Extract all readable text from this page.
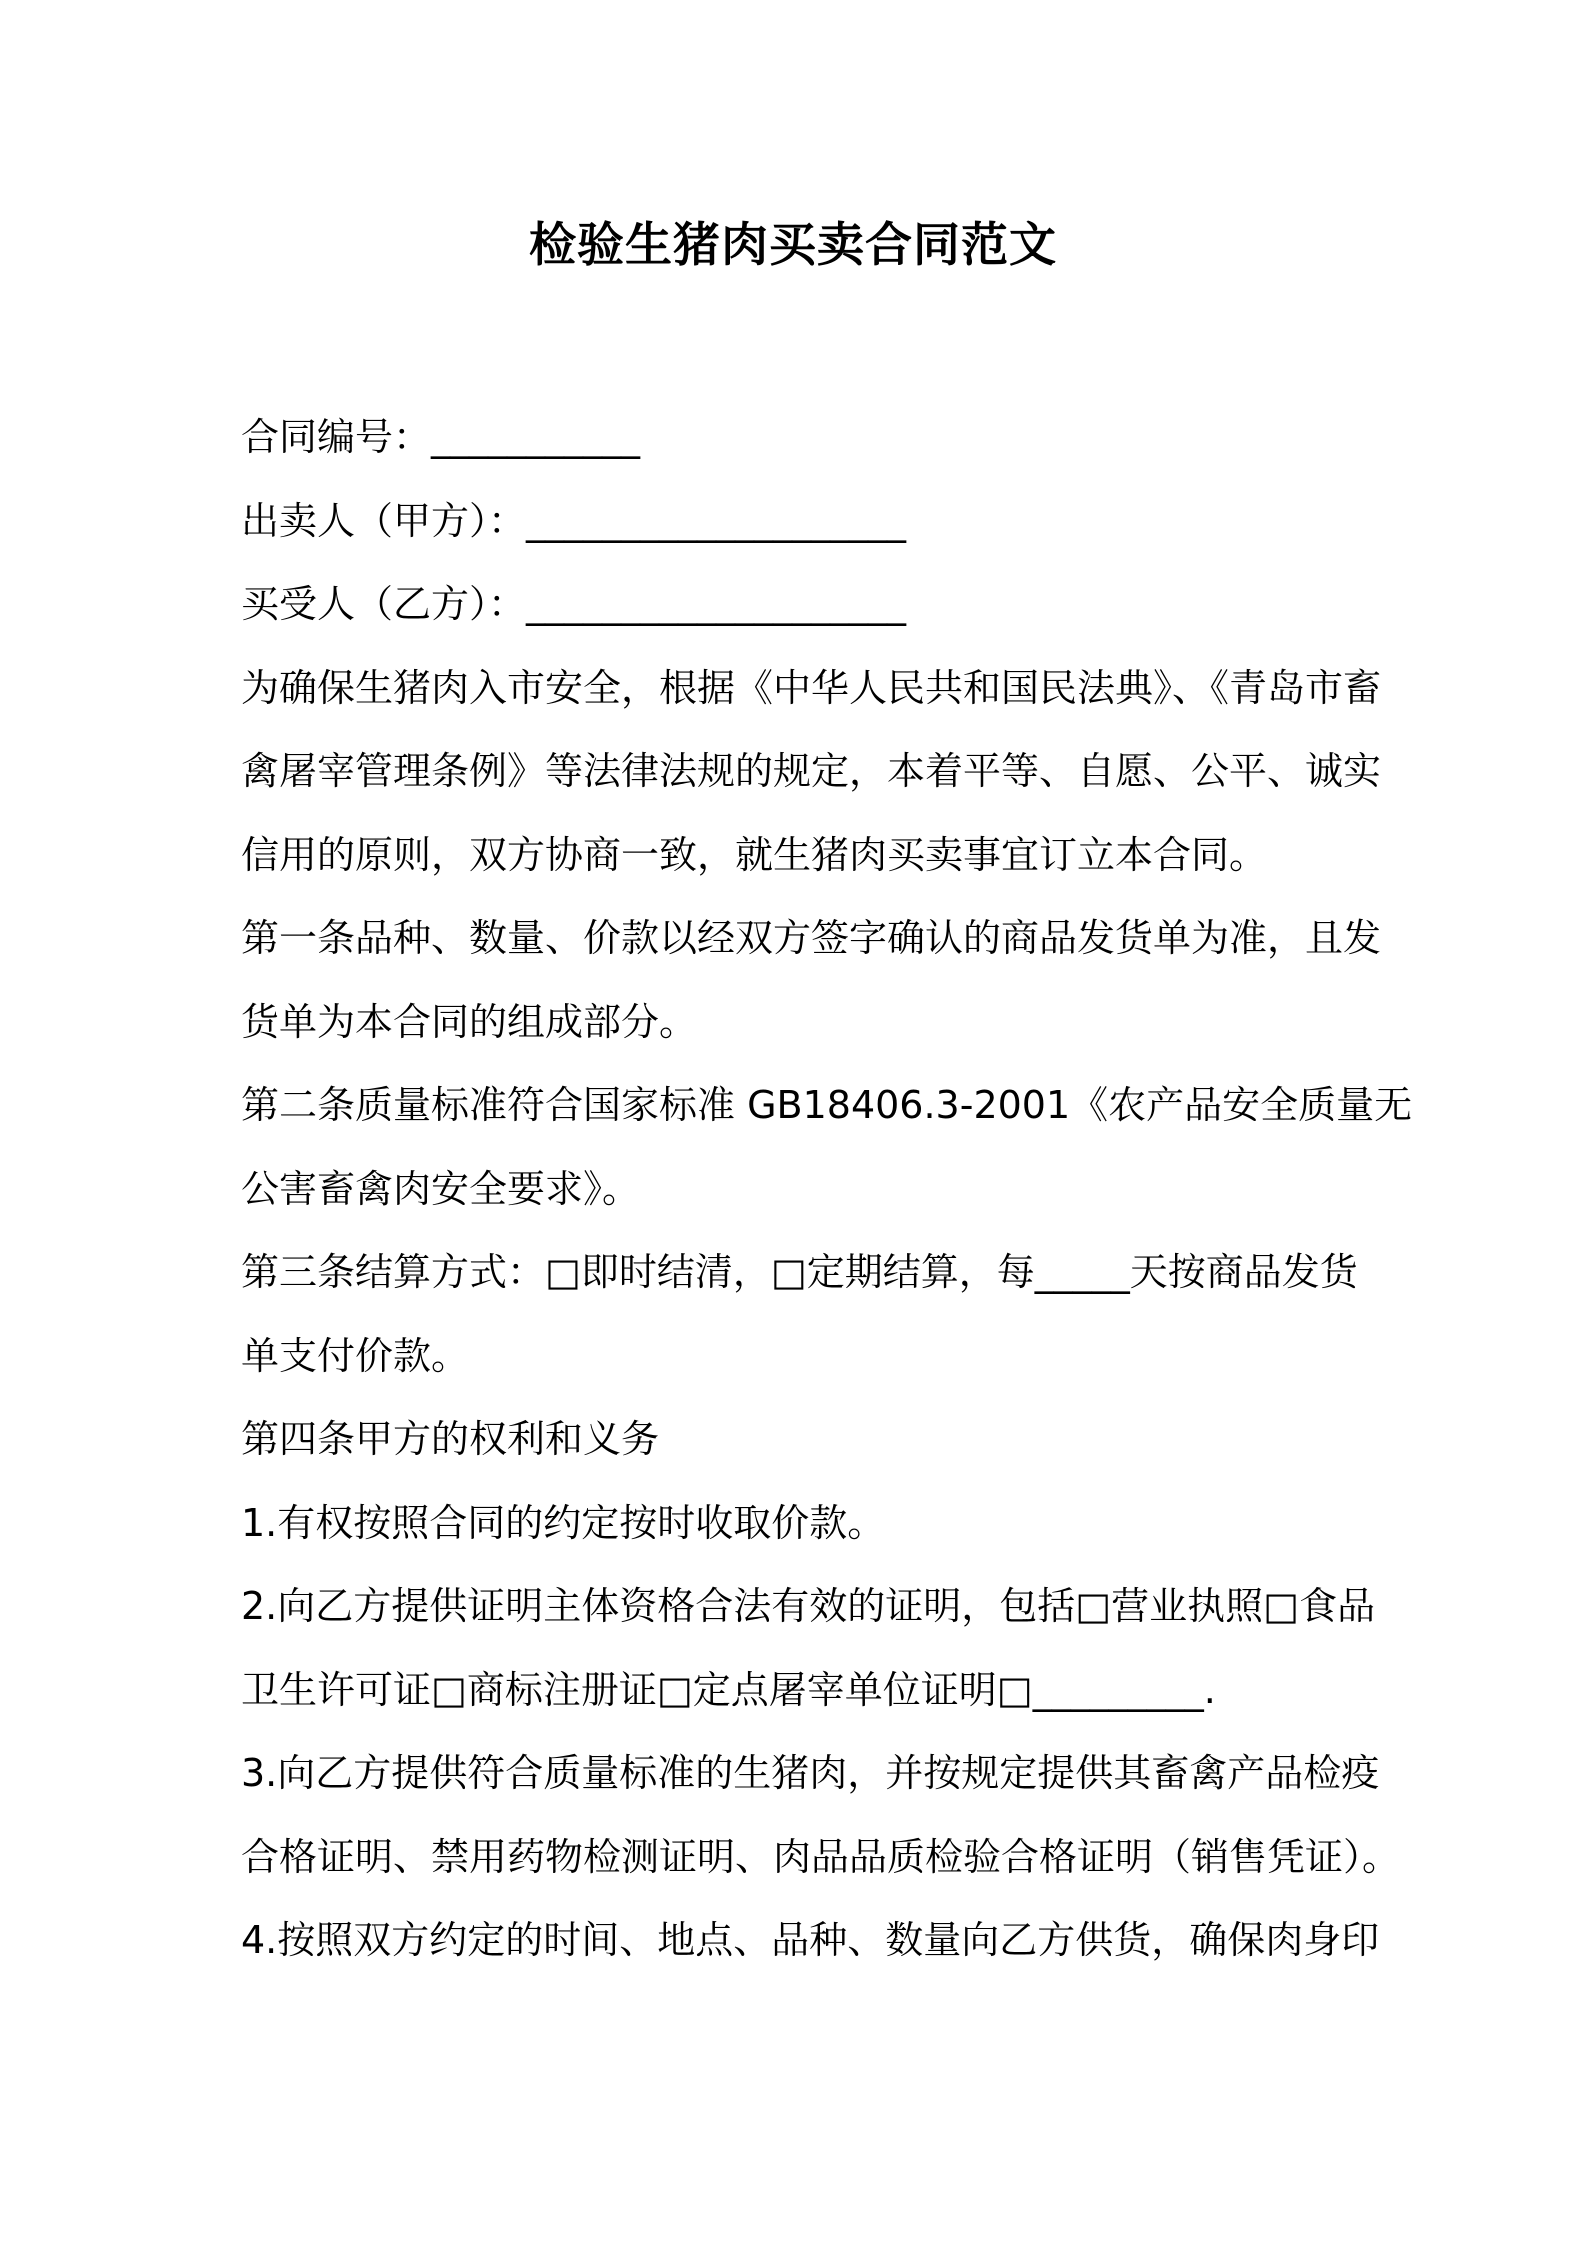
检验生猪肉买卖合同范文

合同编号：___________

出卖人（甲方）：____________________

买受人（乙方）：____________________

为确保生猪肉入市安全，根据《中华人民共和国民法典》、《青岛市畜

禽屠宰管理条例》等法律法规的规定，本着平等、自愿、公平、诚实

信用的原则，双方协商一致，就生猪肉买卖事宜订立本合同。

第一条品种、数量、价款以经双方签字确认的商品发货单为准，且发

货单为本合同的组成部分。

第二条质量标准符合国家标准 GB18406.3-2001《农产品安全质量无

公害畜禽肉安全要求》。

第三条结算方式：□即时结清，□定期结算，每_____天按商品发货

单支付价款。

第四条甲方的权利和义务

1.有权按照合同的约定按时收取价款。

2.向乙方提供证明主体资格合法有效的证明，包括□营业执照□食品

卫生许可证□商标注册证□定点屠宰单位证明□_________.

3.向乙方提供符合质量标准的生猪肉，并按规定提供其畜禽产品检疫

合格证明、禁用药物检测证明、肉品品质检验合格证明（销售凭证）。

4.按照双方约定的时间、地点、品种、数量向乙方供货，确保肉身印
